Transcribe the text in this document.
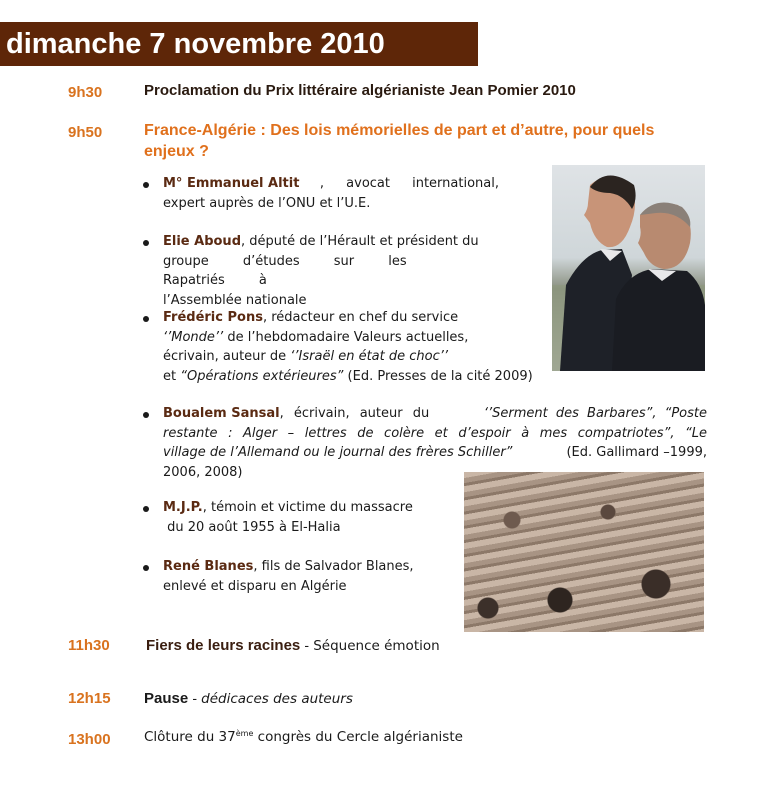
dimanche 7 novembre 2010
9h30	Proclamation du Prix littéraire algérianiste Jean Pomier 2010
9h50	France-Algérie : Des lois mémorielles de part et d’autre, pour quels
enjeux ?
M° Emmanuel Altit , avocat international,
expert auprès de l’ONU et l’U.E.
Elie Aboud, député de l’Hérault et président du
groupe d’études sur les Rapatriés à
l’Assemblée nationale
Frédéric Pons, rédacteur en chef du service
‘’Monde’’ de l’hebdomadaire Valeurs actuelles,
écrivain, auteur de ‘’Israël en état de choc’’
et “Opérations extérieures” (Ed. Presses de la cité 2009)
Boualem Sansal, écrivain, auteur du	‘’Serment des Barbares”, “Poste
restante : Alger – lettres de colère et d’espoir à mes compatriotes”, “Le
village de l’Allemand ou le journal des frères Schiller”	(Ed. Gallimard –1999,
2006, 2008)
M.J.P., témoin et victime du massacre
du 20 août 1955 à El-Halia
René Blanes, fils de Salvador Blanes,
enlevé et disparu en Algérie
11h30 Fiers de leurs racines - Séquence émotion
12h15 Pause - dédicaces des auteurs
13h00 Clôture du 37ème congrès du Cercle algérianiste
